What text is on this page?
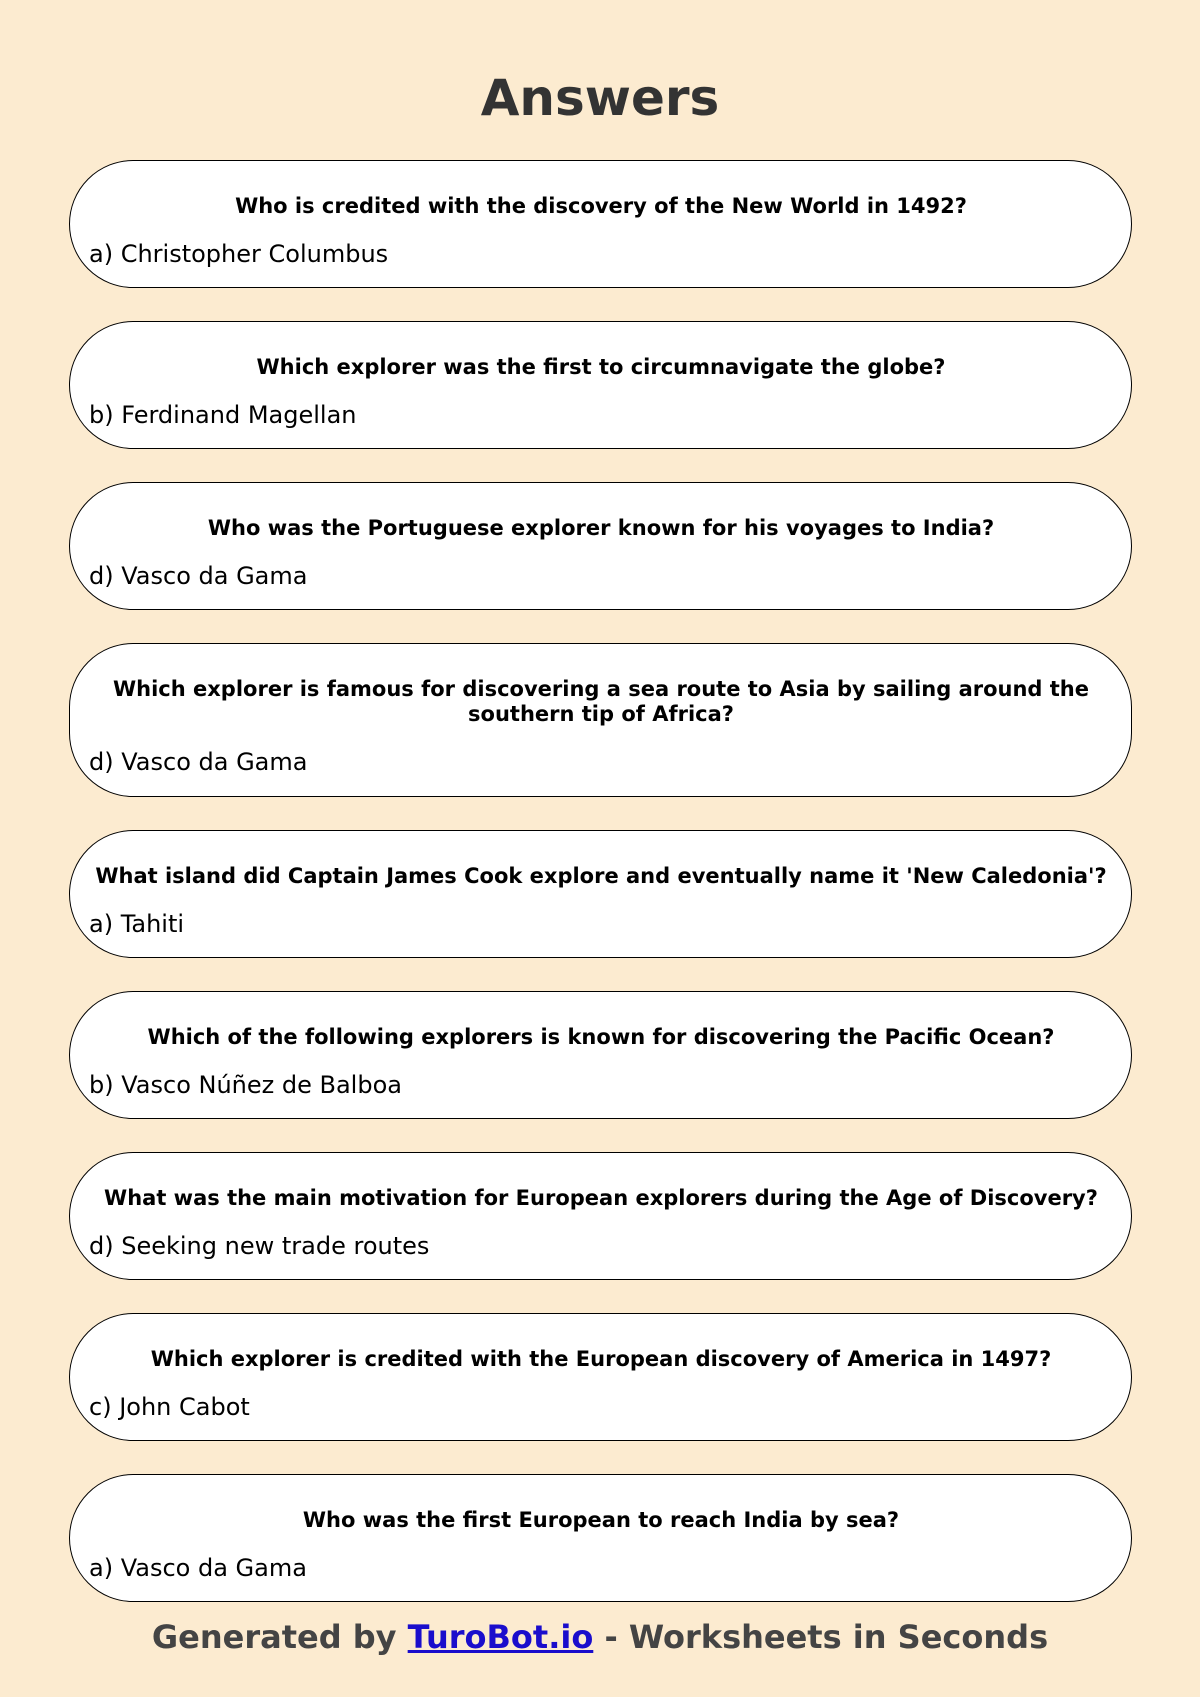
Answers
Who is credited with the discovery of the New World in 1492?
a) Christopher Columbus
Which explorer was the first to circumnavigate the globe?
b) Ferdinand Magellan
Who was the Portuguese explorer known for his voyages to India?
d) Vasco da Gama
Which explorer is famous for discovering a sea route to Asia by sailing around the southern tip of Africa?
d) Vasco da Gama
What island did Captain James Cook explore and eventually name it 'New Caledonia'?
a) Tahiti
Which of the following explorers is known for discovering the Pacific Ocean?
b) Vasco Núñez de Balboa
What was the main motivation for European explorers during the Age of Discovery?
d) Seeking new trade routes
Which explorer is credited with the European discovery of America in 1497?
c) John Cabot
Who was the first European to reach India by sea?
a) Vasco da Gama
Generated by TuroBot.io - Worksheets in Seconds
